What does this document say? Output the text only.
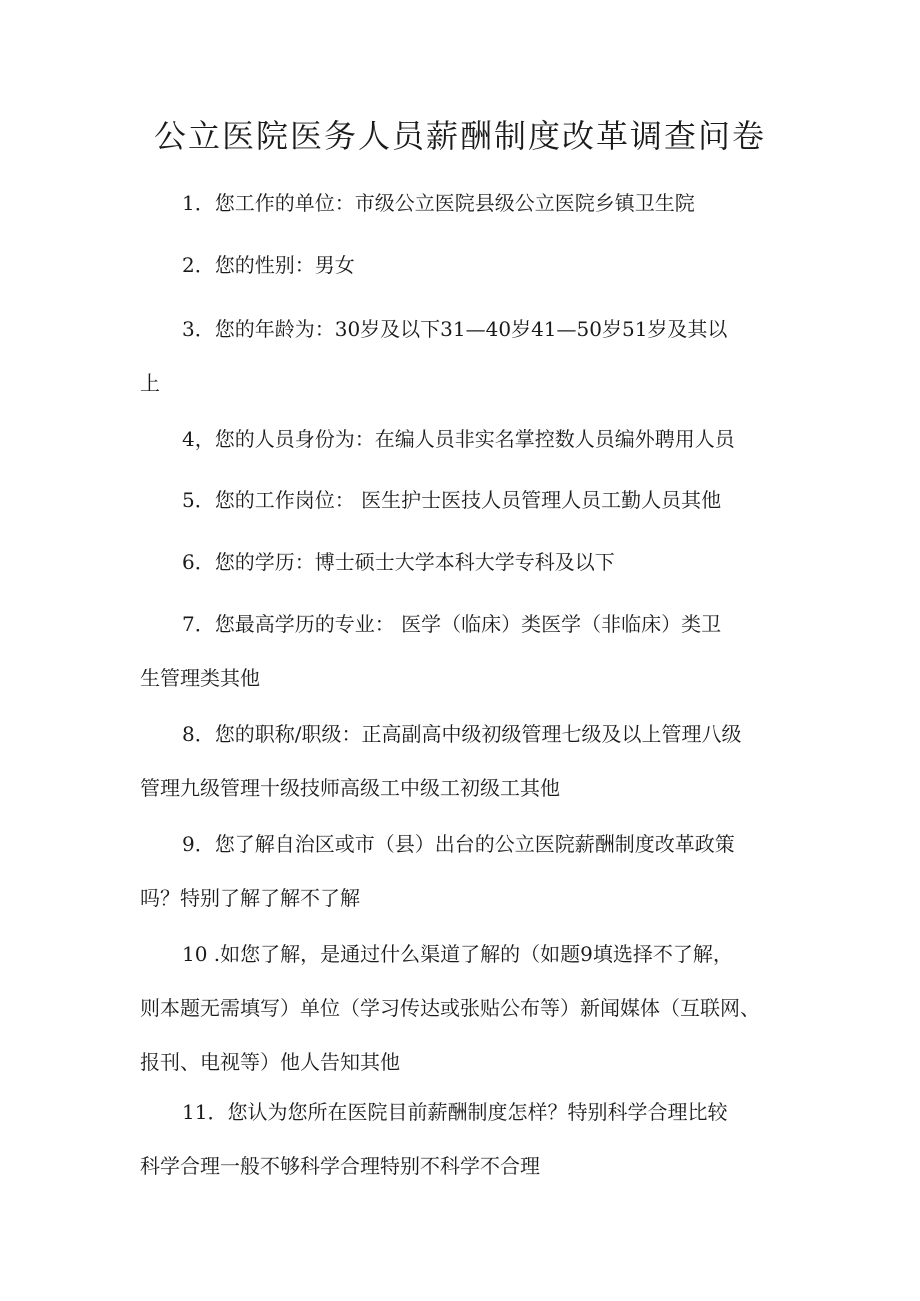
公立医院医务人员薪酬制度改革调查问卷
1．您工作的单位：市级公立医院县级公立医院乡镇卫生院
2．您的性别：男女
3．您的年龄为：30岁及以下31—40岁41—50岁51岁及其以
上
4，您的人员身份为：在编人员非实名掌控数人员编外聘用人员
5．您的工作岗位： 医生护士医技人员管理人员工勤人员其他
6．您的学历：博士硕士大学本科大学专科及以下
7．您最高学历的专业： 医学（临床）类医学（非临床）类卫
生管理类其他
8．您的职称/职级：正高副高中级初级管理七级及以上管理八级
管理九级管理十级技师高级工中级工初级工其他
9．您了解自治区或市（县）出台的公立医院薪酬制度改革政策
吗？特别了解了解不了解
10 .如您了解，是通过什么渠道了解的（如题9填选择不了解，
则本题无需填写）单位（学习传达或张贴公布等）新闻媒体（互联网、
报刊、电视等）他人告知其他
11．您认为您所在医院目前薪酬制度怎样？特别科学合理比较
科学合理一般不够科学合理特别不科学不合理
